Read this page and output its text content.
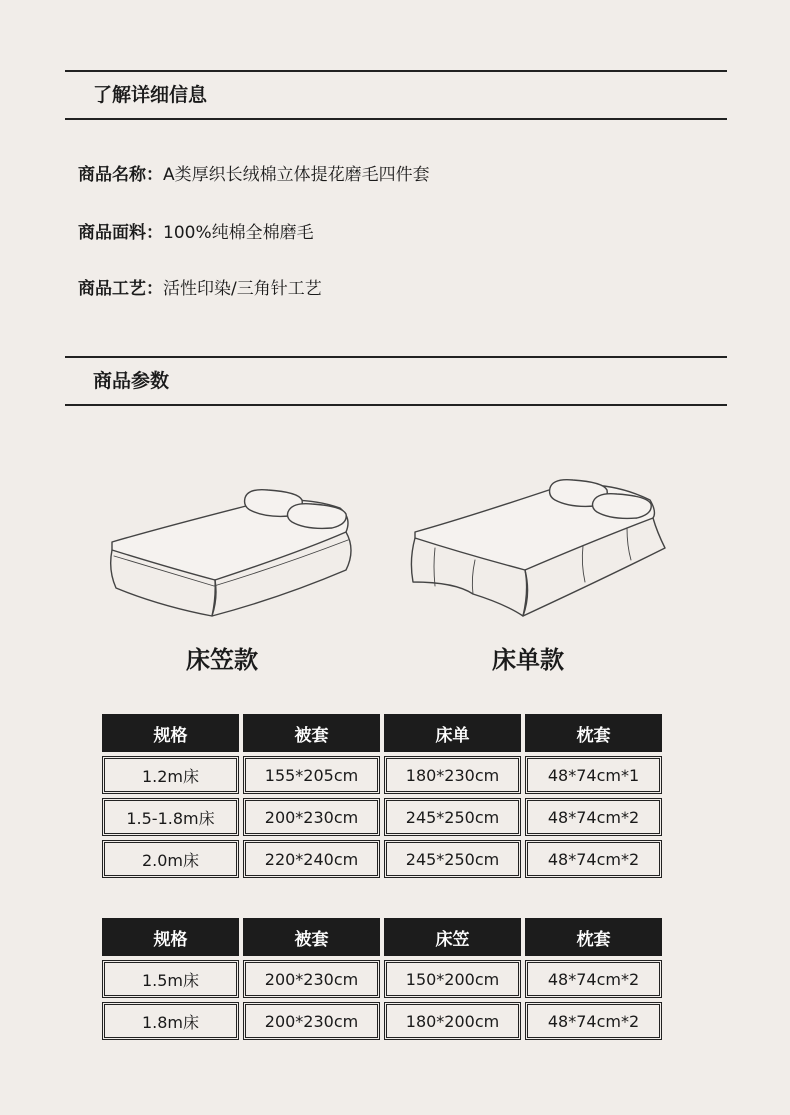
了解详细信息
商品名称：A类厚织长绒棉立体提花磨毛四件套
商品面料：100%纯棉全棉磨毛
商品工艺：活性印染/三角针工艺
商品参数
床笠款	床单款
规格	被套	床单	枕套
1.2m床	155*205cm	180*230cm	48*74cm*1
1.5-1.8m床	200*230cm	245*250cm	48*74cm*2
2.0m床	220*240cm	245*250cm	48*74cm*2
规格	被套	床笠	枕套
1.5m床	200*230cm	150*200cm	48*74cm*2
1.8m床	200*230cm	180*200cm	48*74cm*2
